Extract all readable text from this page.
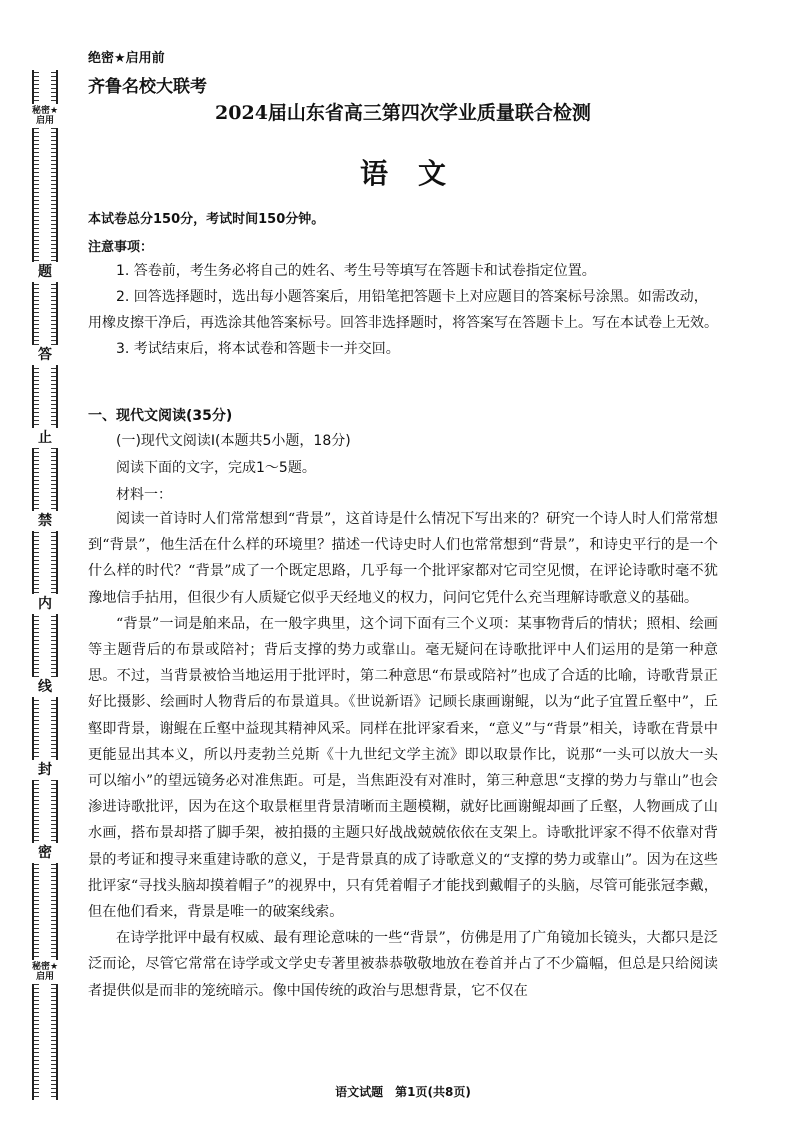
秘密★启用
题
答
止
禁
内
线
封
密
秘密★启用
绝密★启用前
齐鲁名校大联考
2024届山东省高三第四次学业质量联合检测
语文
本试卷总分150分，考试时间150分钟。
注意事项：

1. 答卷前，考生务必将自己的姓名、考生号等填写在答题卡和试卷指定位置。

2. 回答选择题时，选出每小题答案后，用铅笔把答题卡上对应题目的答案标号涂黑。如需改动，用橡皮擦干净后，再选涂其他答案标号。回答非选择题时，将答案写在答题卡上。写在本试卷上无效。

3. 考试结束后，将本试卷和答题卡一并交回。

一、现代文阅读(35分)
(一)现代文阅读Ⅰ(本题共5小题，18分)
阅读下面的文字，完成1～5题。
材料一：

阅读一首诗时人们常常想到“背景”，这首诗是什么情况下写出来的？研究一个诗人时人们常常想到“背景”，他生活在什么样的环境里？描述一代诗史时人们也常常想到“背景”，和诗史平行的是一个什么样的时代？“背景”成了一个既定思路，几乎每一个批评家都对它司空见惯，在评论诗歌时毫不犹豫地信手拈用，但很少有人质疑它似乎天经地义的权力，问问它凭什么充当理解诗歌意义的基础。

“背景”一词是舶来品，在一般字典里，这个词下面有三个义项：某事物背后的情状；照相、绘画等主题背后的布景或陪衬；背后支撑的势力或靠山。毫无疑问在诗歌批评中人们运用的是第一种意思。不过，当背景被恰当地运用于批评时，第二种意思“布景或陪衬”也成了合适的比喻，诗歌背景正好比摄影、绘画时人物背后的布景道具。《世说新语》记顾长康画谢鲲，以为“此子宜置丘壑中”，丘壑即背景，谢鲲在丘壑中益现其精神风采。同样在批评家看来，“意义”与“背景”相关，诗歌在背景中更能显出其本义，所以丹麦勃兰兑斯《十九世纪文学主流》即以取景作比，说那“一头可以放大一头可以缩小”的望远镜务必对准焦距。可是，当焦距没有对准时，第三种意思“支撑的势力与靠山”也会渗进诗歌批评，因为在这个取景框里背景清晰而主题模糊，就好比画谢鲲却画了丘壑，人物画成了山水画，搭布景却搭了脚手架，被拍摄的主题只好战战兢兢依依在支架上。诗歌批评家不得不依靠对背景的考证和搜寻来重建诗歌的意义，于是背景真的成了诗歌意义的“支撑的势力或靠山”。因为在这些批评家“寻找头脑却摸着帽子”的视界中，只有凭着帽子才能找到戴帽子的头脑，尽管可能张冠李戴，但在他们看来，背景是唯一的破案线索。

在诗学批评中最有权威、最有理论意味的一些“背景”，仿佛是用了广角镜加长镜头，大都只是泛泛而论，尽管它常常在诗学或文学史专著里被恭恭敬敬地放在卷首并占了不少篇幅，但总是只给阅读者提供似是而非的笼统暗示。像中国传统的政治与思想背景，它不仅在

语文试题　第1页(共8页)
